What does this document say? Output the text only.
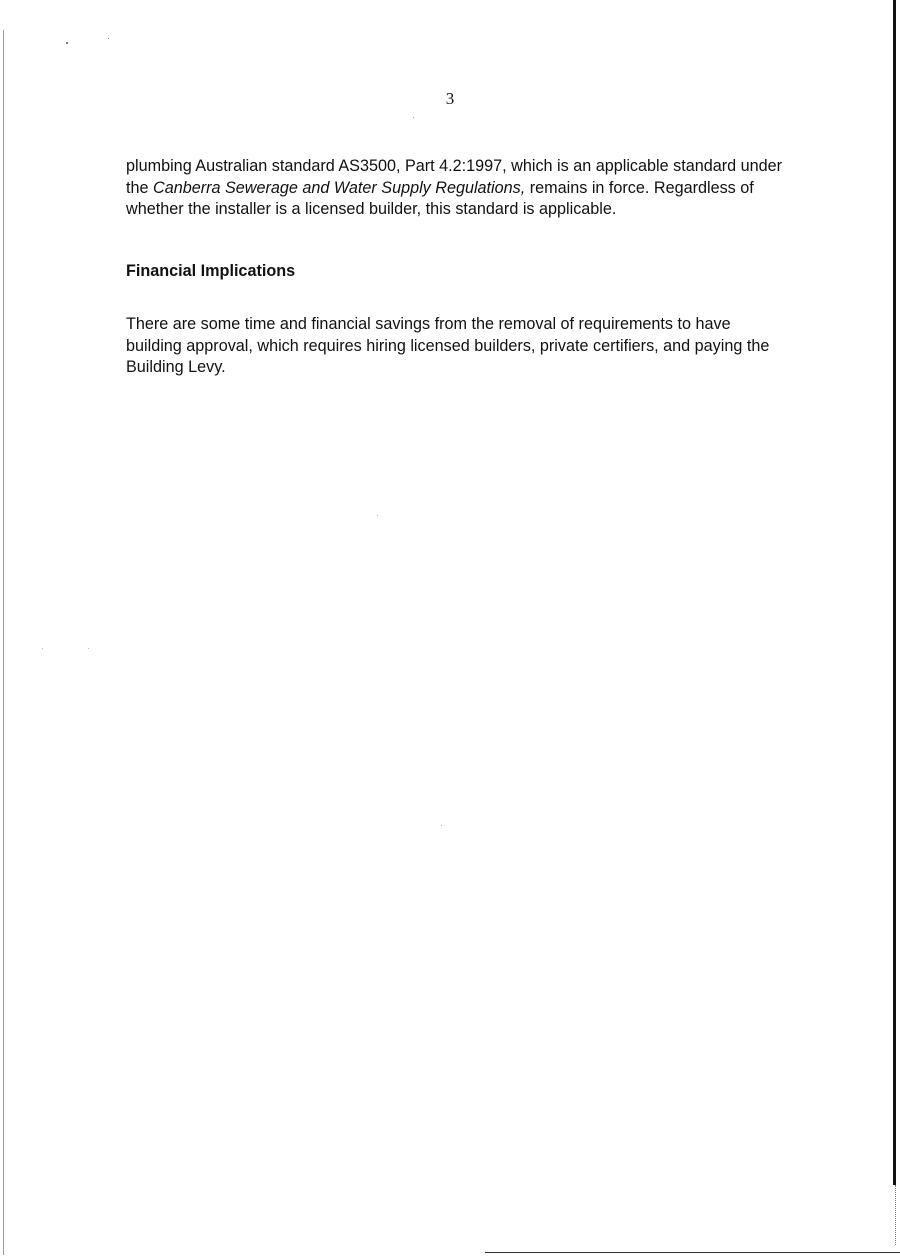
3

plumbing Australian standard AS3500, Part 4.2:1997, which is an applicable standard under the Canberra Sewerage and Water Supply Regulations, remains in force. Regardless of whether the installer is a licensed builder, this standard is applicable.

Financial Implications

There are some time and financial savings from the removal of requirements to have building approval, which requires hiring licensed builders, private certifiers, and paying the Building Levy.
